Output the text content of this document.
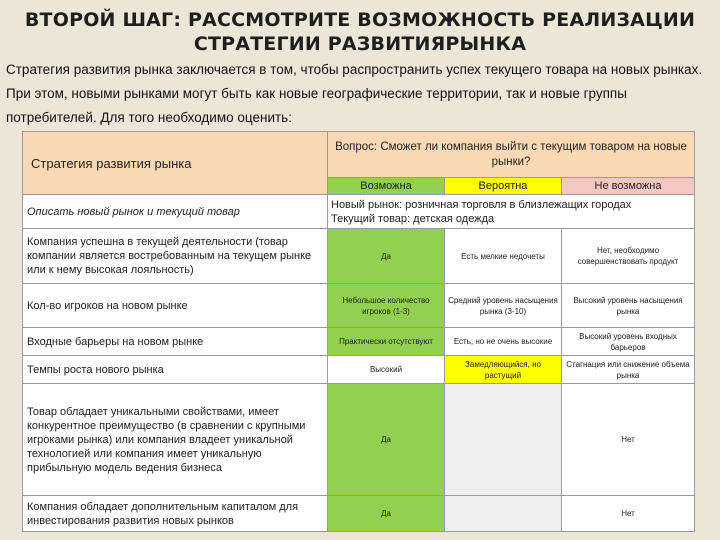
ВТОРОЙ ШАГ: РАССМОТРИТЕ ВОЗМОЖНОСТЬ РЕАЛИЗАЦИИ
СТРАТЕГИИ РАЗВИТИЯРЫНКА
Стратегия развития рынка заключается в том, чтобы распространить успех текущего товара на новых рынках. При этом, новыми рынками могут быть как новые географические территории, так и новые группы потребителей. Для того необходимо оценить:
Стратегия развития рынка	Вопрос: Сможет ли компания выйти с текущим товаром на новые рынки?		
	Возможна	Вероятна	Не возможна
Описать новый рынок и текущий товар	Новый рынок: розничная торговля в близлежащих городах
Текущий товар: детская одежда		

Компания успешна в текущей деятельности (товар компании является востребованным на текущем рынке или к нему высокая лояльность)	Да	Есть мелкие недочеты	Нет, необходимо совершенствовать продукт
Кол-во игроков на новом рынке	Небольшое количество игроков (1-3)	Средний уровень насыщения рынка (3-10)	Высокий уровень насыщения рынка
Входные барьеры на новом рынке	Практически отсутствуют	Есть, но не очень высокие	Высокий уровень входных барьеров
Темпы роста нового рынка	Высокий	Замедляющийся, но растущий	Стагнация или снижение объема рынка
Товар обладает уникальными свойствами, имеет конкурентное преимущество (в сравнении с крупными игроками рынка) или компания владеет уникальной технологией или компания имеет уникальную прибыльную модель ведения бизнеса	Да		Нет
Компания обладает дополнительным капиталом для инвестирования развития новых рынков	Да		Нет
